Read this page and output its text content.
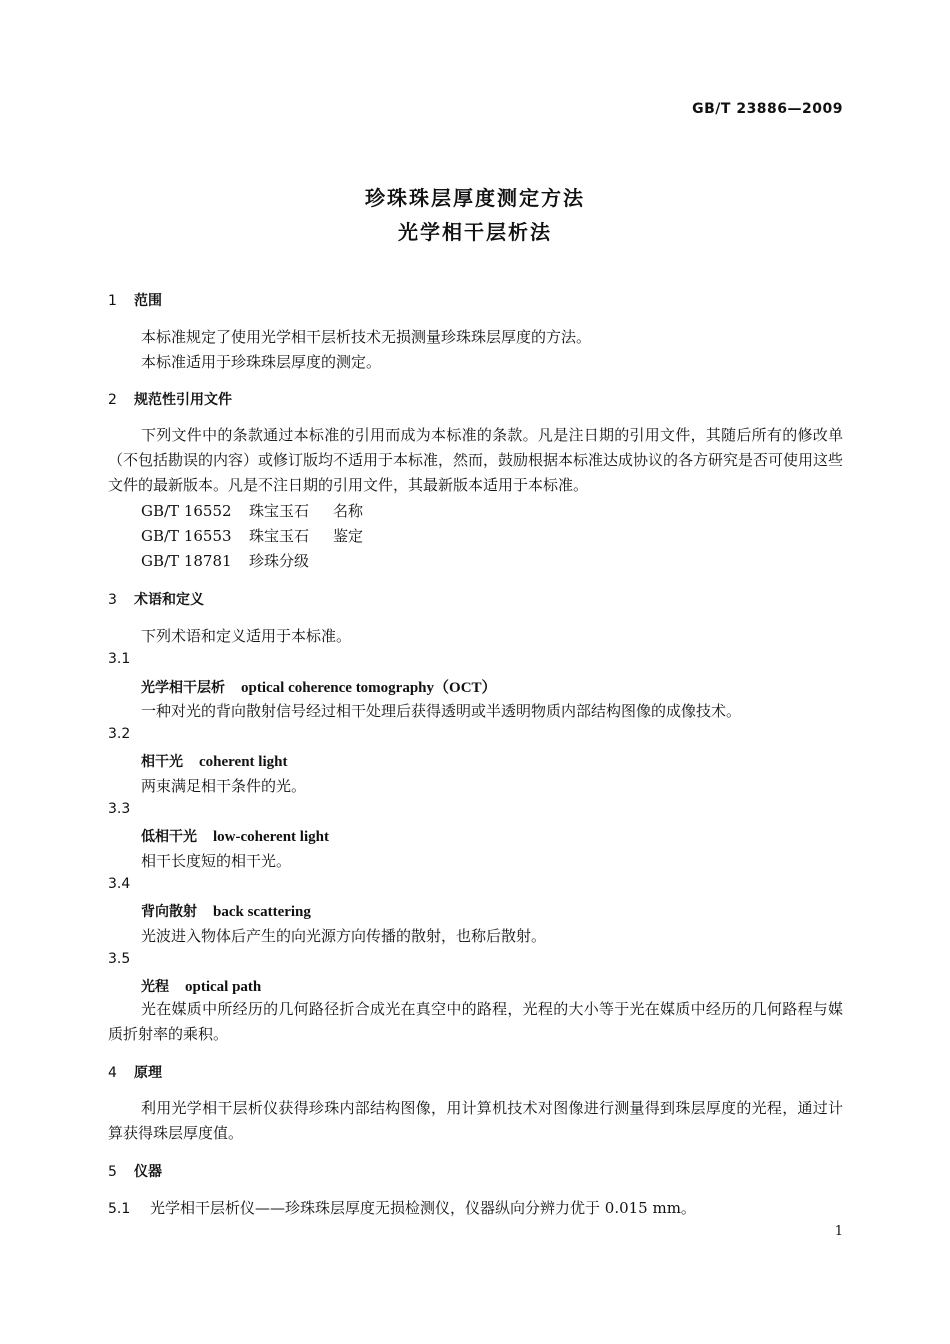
GB/T 23886—2009
珍珠珠层厚度测定方法
光学相干层析法
1 范围
本标准规定了使用光学相干层析技术无损测量珍珠珠层厚度的方法。
本标准适用于珍珠珠层厚度的测定。
2 规范性引用文件
下列文件中的条款通过本标准的引用而成为本标准的条款。凡是注日期的引用文件，其随后所有的修改单（不包括勘误的内容）或修订版均不适用于本标准，然而，鼓励根据本标准达成协议的各方研究是否可使用这些文件的最新版本。凡是不注日期的引用文件，其最新版本适用于本标准。
GB/T 16552 珠宝玉石 名称
GB/T 16553 珠宝玉石 鉴定
GB/T 18781 珍珠分级
3 术语和定义
下列术语和定义适用于本标准。
3.1
光学相干层析 optical coherence tomography（OCT）
一种对光的背向散射信号经过相干处理后获得透明或半透明物质内部结构图像的成像技术。
3.2
相干光 coherent light
两束满足相干条件的光。
3.3
低相干光 low-coherent light
相干长度短的相干光。
3.4
背向散射 back scattering
光波进入物体后产生的向光源方向传播的散射，也称后散射。
3.5
光程 optical path
光在媒质中所经历的几何路径折合成光在真空中的路程，光程的大小等于光在媒质中经历的几何路程与媒质折射率的乘积。
4 原理
利用光学相干层析仪获得珍珠内部结构图像，用计算机技术对图像进行测量得到珠层厚度的光程，通过计算获得珠层厚度值。
5 仪器
5.1 光学相干层析仪——珍珠珠层厚度无损检测仪，仪器纵向分辨力优于 0.015 mm。
1
